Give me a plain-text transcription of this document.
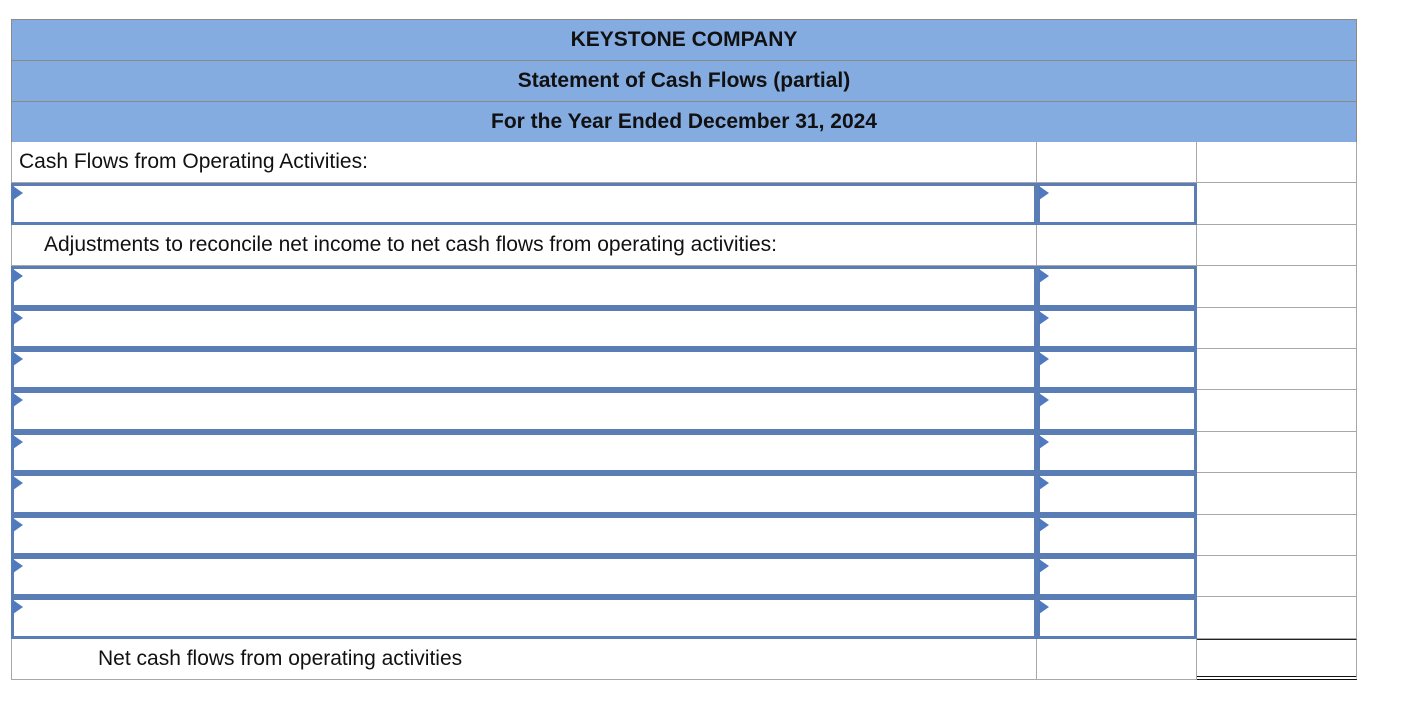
KEYSTONE COMPANY
Statement of Cash Flows (partial)
For the Year Ended December 31, 2024
Cash Flows from Operating Activities:
Adjustments to reconcile net income to net cash flows from operating activities:
Net cash flows from operating activities
